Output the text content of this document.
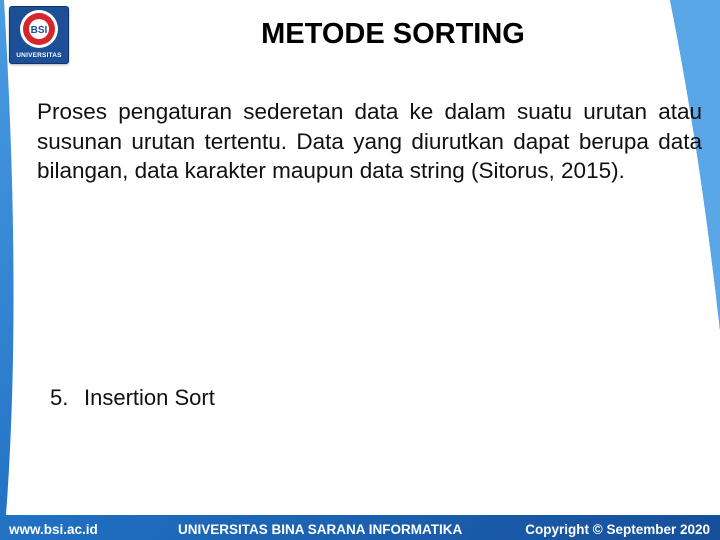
BSI
UNIVERSITAS
METODE SORTING
Proses pengaturan sederetan data ke dalam suatu urutan atau susunan urutan tertentu. Data yang diurutkan dapat berupa data bilangan, data karakter maupun data string (Sitorus, 2015).
5. Insertion Sort
www.bsi.ac.id	UNIVERSITAS BINA SARANA INFORMATIKA	Copyright © September 2020
